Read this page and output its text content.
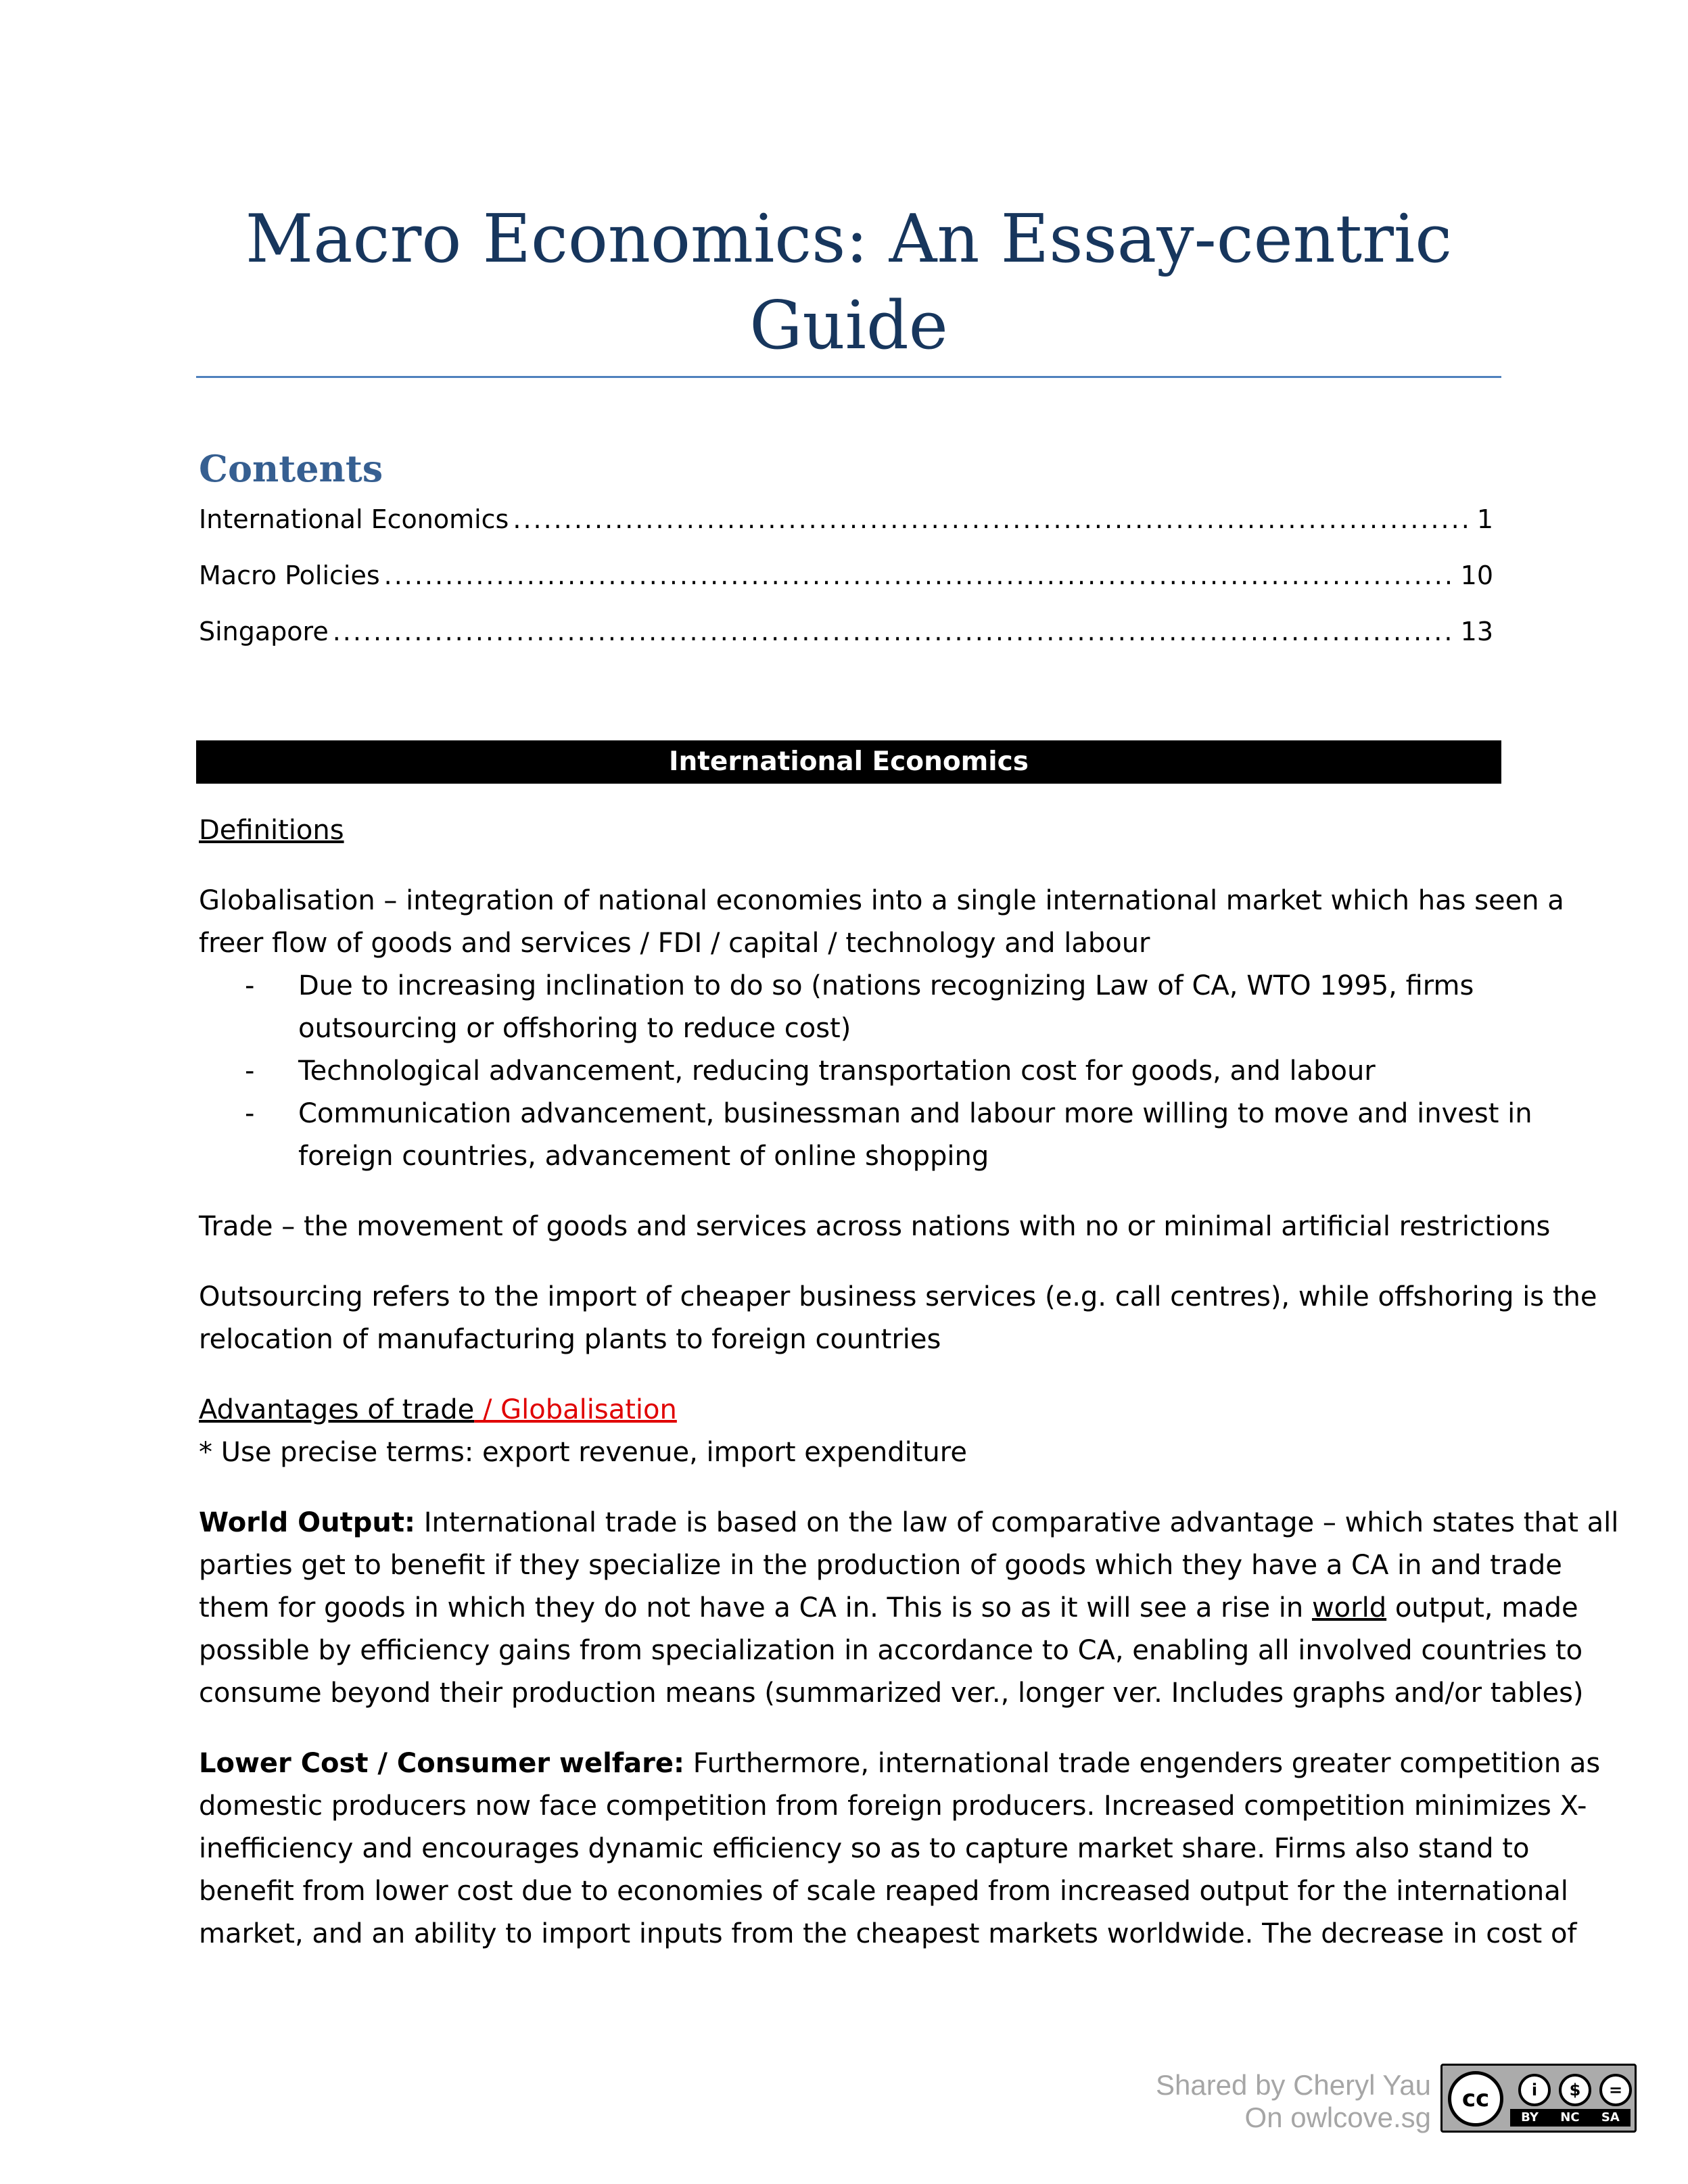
Macro Economics: An Essay-centric
Guide
Contents
International Economics .....	1
Macro Policies .....	10
Singapore .....	13
International Economics

Definitions

Globalisation – integration of national economies into a single international market which has seen a

freer flow of goods and services / FDI / capital / technology and labour

- Due to increasing inclination to do so (nations recognizing Law of CA, WTO 1995, firms

outsourcing or offshoring to reduce cost)

- Technological advancement, reducing transportation cost for goods, and labour

- Communication advancement, businessman and labour more willing to move and invest in

foreign countries, advancement of online shopping

Trade – the movement of goods and services across nations with no or minimal artificial restrictions

Outsourcing refers to the import of cheaper business services (e.g. call centres), while offshoring is the

relocation of manufacturing plants to foreign countries

Advantages of trade / Globalisation

* Use precise terms: export revenue, import expenditure

World Output: International trade is based on the law of comparative advantage – which states that all

parties get to benefit if they specialize in the production of goods which they have a CA in and trade

them for goods in which they do not have a CA in. This is so as it will see a rise in world output, made

possible by efficiency gains from specialization in accordance to CA, enabling all involved countries to

consume beyond their production means (summarized ver., longer ver. Includes graphs and/or tables)

Lower Cost / Consumer welfare: Furthermore, international trade engenders greater competition as

domestic producers now face competition from foreign producers. Increased competition minimizes X-

inefficiency and encourages dynamic efficiency so as to capture market share. Firms also stand to

benefit from lower cost due to economies of scale reaped from increased output for the international

market, and an ability to import inputs from the cheapest markets worldwide. The decrease in cost of

Shared by Cheryl Yau
On owlcove.sg
cc	i	$	=
BY NC SA
